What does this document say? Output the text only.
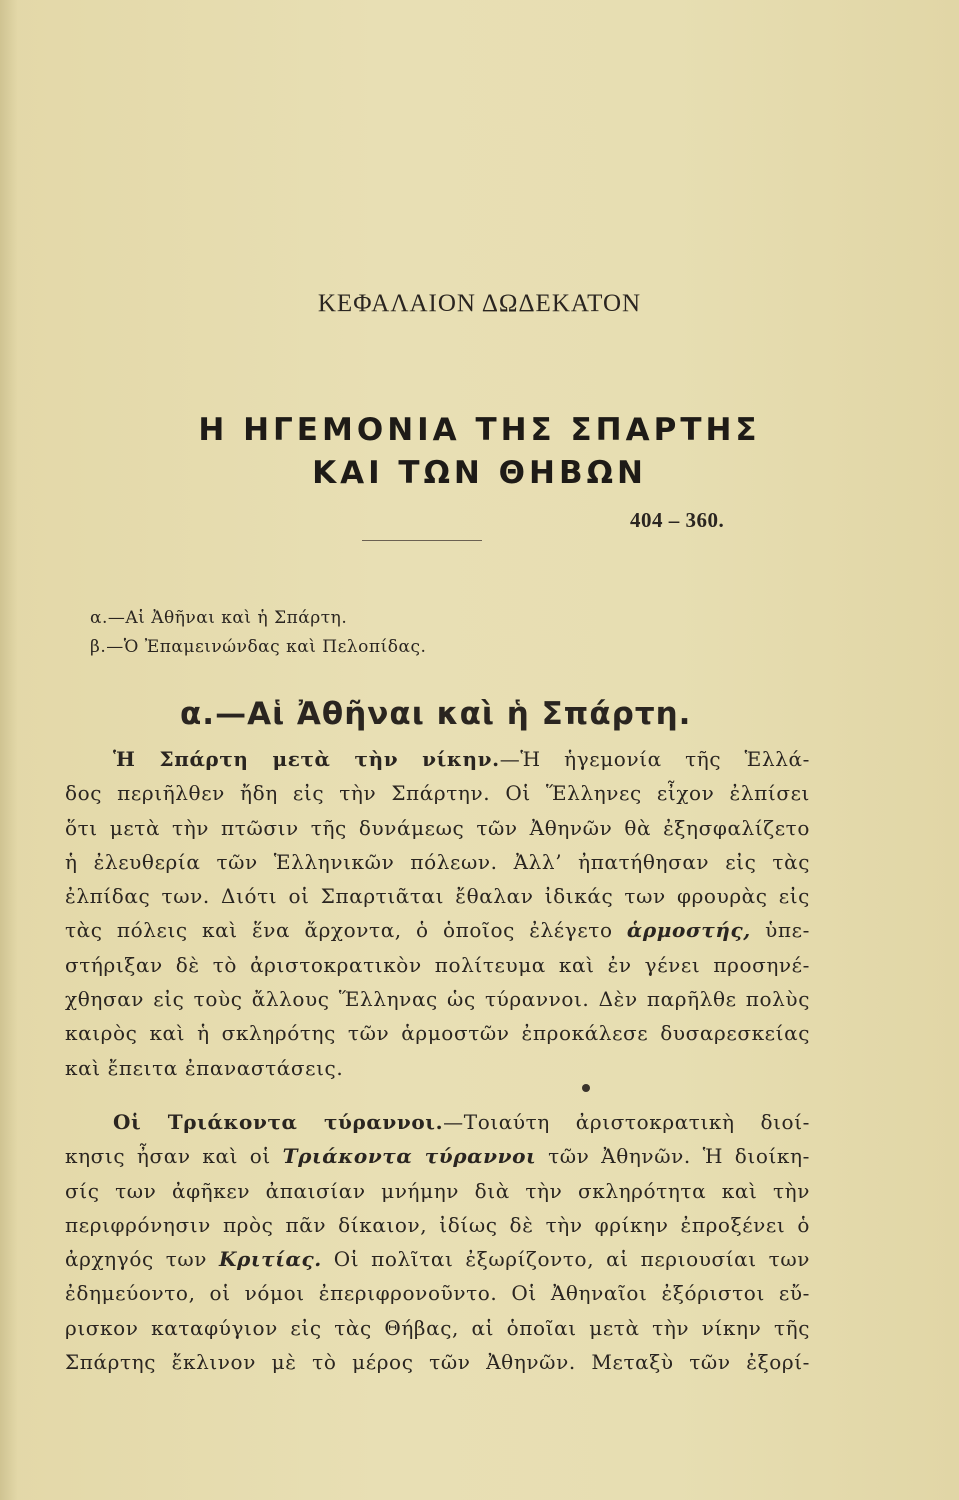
ΚΕΦΑΛΑΙΟΝ ΔΩΔΕΚΑΤΟΝ
Η ΗΓΕΜΟΝΙΑ ΤΗΣ ΣΠΑΡΤΗΣ
ΚΑΙ ΤΩΝ ΘΗΒΩΝ
404 – 360.
α.—Αἱ Ἀθῆναι καὶ ἡ Σπάρτη.
β.—Ὁ Ἐπαμεινώνδας καὶ Πελοπίδας.
α.—Αἱ Ἀθῆναι καὶ ἡ Σπάρτη.
Ἡ Σπάρτη μετὰ τὴν νίκην.—Ἡ ἡγεμονία τῆς Ἑλλά-
δος περιῆλθεν ἤδη εἰς τὴν Σπάρτην. Οἱ Ἕλληνες εἶχον ἐλπίσει
ὅτι μετὰ τὴν πτῶσιν τῆς δυνάμεως τῶν Ἀθηνῶν θὰ ἐξησφαλίζετο
ἡ ἐλευθερία τῶν Ἑλληνικῶν πόλεων. Ἀλλ’ ἠπατήθησαν εἰς τὰς
ἐλπίδας των. Διότι οἱ Σπαρτιᾶται ἔθαλαν ἰδικάς των φρουρὰς εἰς
τὰς πόλεις καὶ ἕνα ἄρχοντα, ὁ ὁποῖος ἐλέγετο ἁρμοστής, ὑπε-
στήριξαν δὲ τὸ ἀριστοκρατικὸν πολίτευμα καὶ ἐν γένει προσηνέ-
χθησαν εἰς τοὺς ἄλλους Ἕλληνας ὡς τύραννοι. Δὲν παρῆλθε πολὺς
καιρὸς καὶ ἡ σκληρότης τῶν ἁρμοστῶν ἐπροκάλεσε δυσαρεσκείας
καὶ ἔπειτα ἐπαναστάσεις.
Οἱ Τριάκοντα τύραννοι.—Τοιαύτη ἀριστοκρατικὴ διοί-
κησις ἦσαν καὶ οἱ Τριάκοντα τύραννοι τῶν Ἀθηνῶν. Ἡ διοίκη-
σίς των ἀφῆκεν ἀπαισίαν μνήμην διὰ τὴν σκληρότητα καὶ τὴν
περιφρόνησιν πρὸς πᾶν δίκαιον, ἰδίως δὲ τὴν φρίκην ἐπροξένει ὁ
ἀρχηγός των Κριτίας. Οἱ πολῖται ἐξωρίζοντο, αἱ περιουσίαι των
ἐδημεύοντο, οἱ νόμοι ἐπεριφρονοῦντο. Οἱ Ἀθηναῖοι ἐξόριστοι εὔ-
ρισκον καταφύγιον εἰς τὰς Θήβας, αἱ ὁποῖαι μετὰ τὴν νίκην τῆς
Σπάρτης ἔκλινον μὲ τὸ μέρος τῶν Ἀθηνῶν. Μεταξὺ τῶν ἐξορί-
